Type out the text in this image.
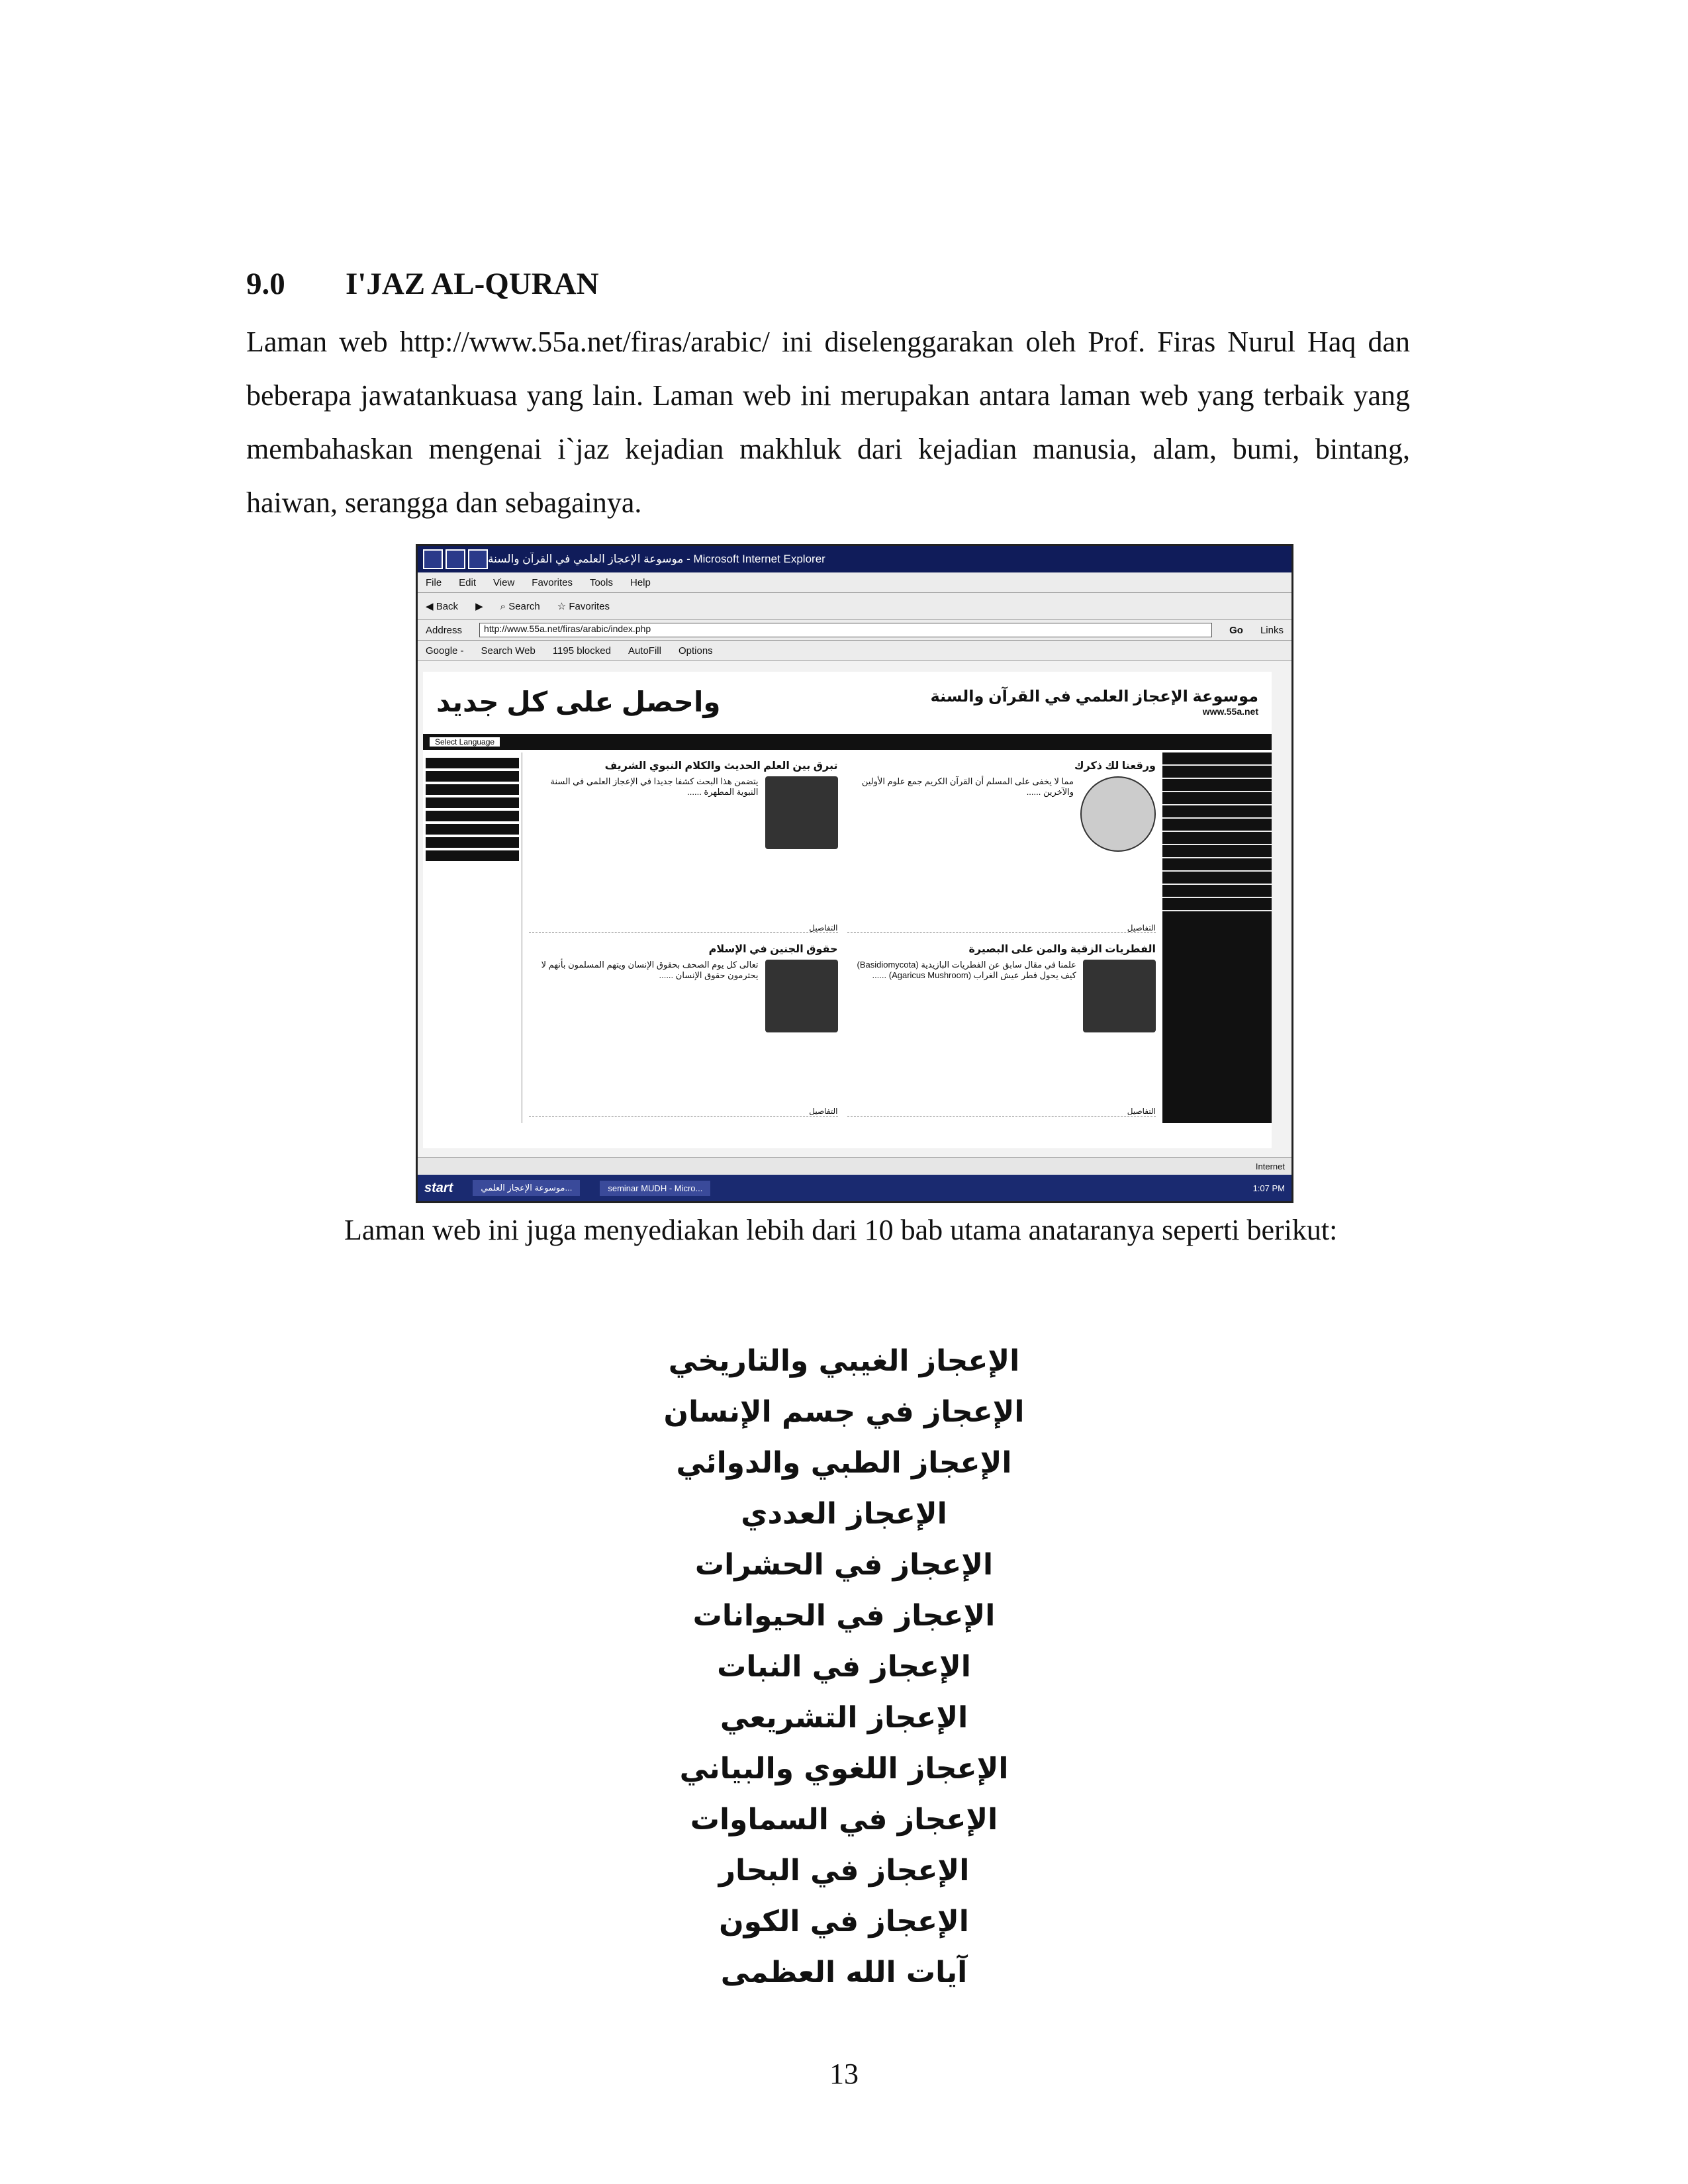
9.0	I'JAZ AL-QURAN
Laman web http://www.55a.net/firas/arabic/ ini diselenggarakan oleh Prof. Firas Nurul Haq dan beberapa jawatankuasa yang lain. Laman web ini merupakan antara laman web yang terbaik yang membahaskan mengenai i`jaz kejadian makhluk dari kejadian manusia, alam, bumi, bintang, haiwan, serangga dan sebagainya.
موسوعة الإعجاز العلمي في القرآن والسنة - Microsoft Internet Explorer
File Edit View Favorites Tools Help
◀ Back ▶ ⌕ Search ☆ Favorites
Address	http://www.55a.net/firas/arabic/index.php	Go Links
Google - Search Web 1195 blocked AutoFill Options
واحصل على كل جديد	موسوعة الإعجاز العلمي في القرآن والسنة
www.55a.net
Select Language
تبرق بين العلم الحديث والكلام النبوي الشريف
يتضمن هذا البحث كشفا جديدا في الإعجاز العلمي في السنة النبوية المطهرة ......
التفاصيل
ورقعنا لك ذكرك
مما لا يخفى على المسلم أن القرآن الكريم جمع علوم الأولين والآخرين ......
التفاصيل
حقوق الجنين في الإسلام
تعالى كل يوم الصحف بحقوق الإنسان ويتهم المسلمون بأنهم لا يحترمون حقوق الإنسان ......
التفاصيل
الفطريات الزقية والمن على البصيرة
علمنا في مقال سابق عن الفطريات البازيدية (Basidiomycota) كيف يحول فطر عيش الغراب (Agaricus Mushroom) ......
التفاصيل
Internet
start	موسوعة الإعجاز العلمي...	seminar MUDH - Micro...	1:07 PM
Laman web ini juga menyediakan lebih dari 10 bab utama anataranya seperti berikut:
الإعجاز الغيبي والتاريخي
الإعجاز في جسم الإنسان
الإعجاز الطبي والدوائي
الإعجاز العددي
الإعجاز في الحشرات
الإعجاز في الحيوانات
الإعجاز في النبات
الإعجاز التشريعي
الإعجاز اللغوي والبياني
الإعجاز في السماوات
الإعجاز في البحار
الإعجاز في الكون
آيات الله العظمى
13
